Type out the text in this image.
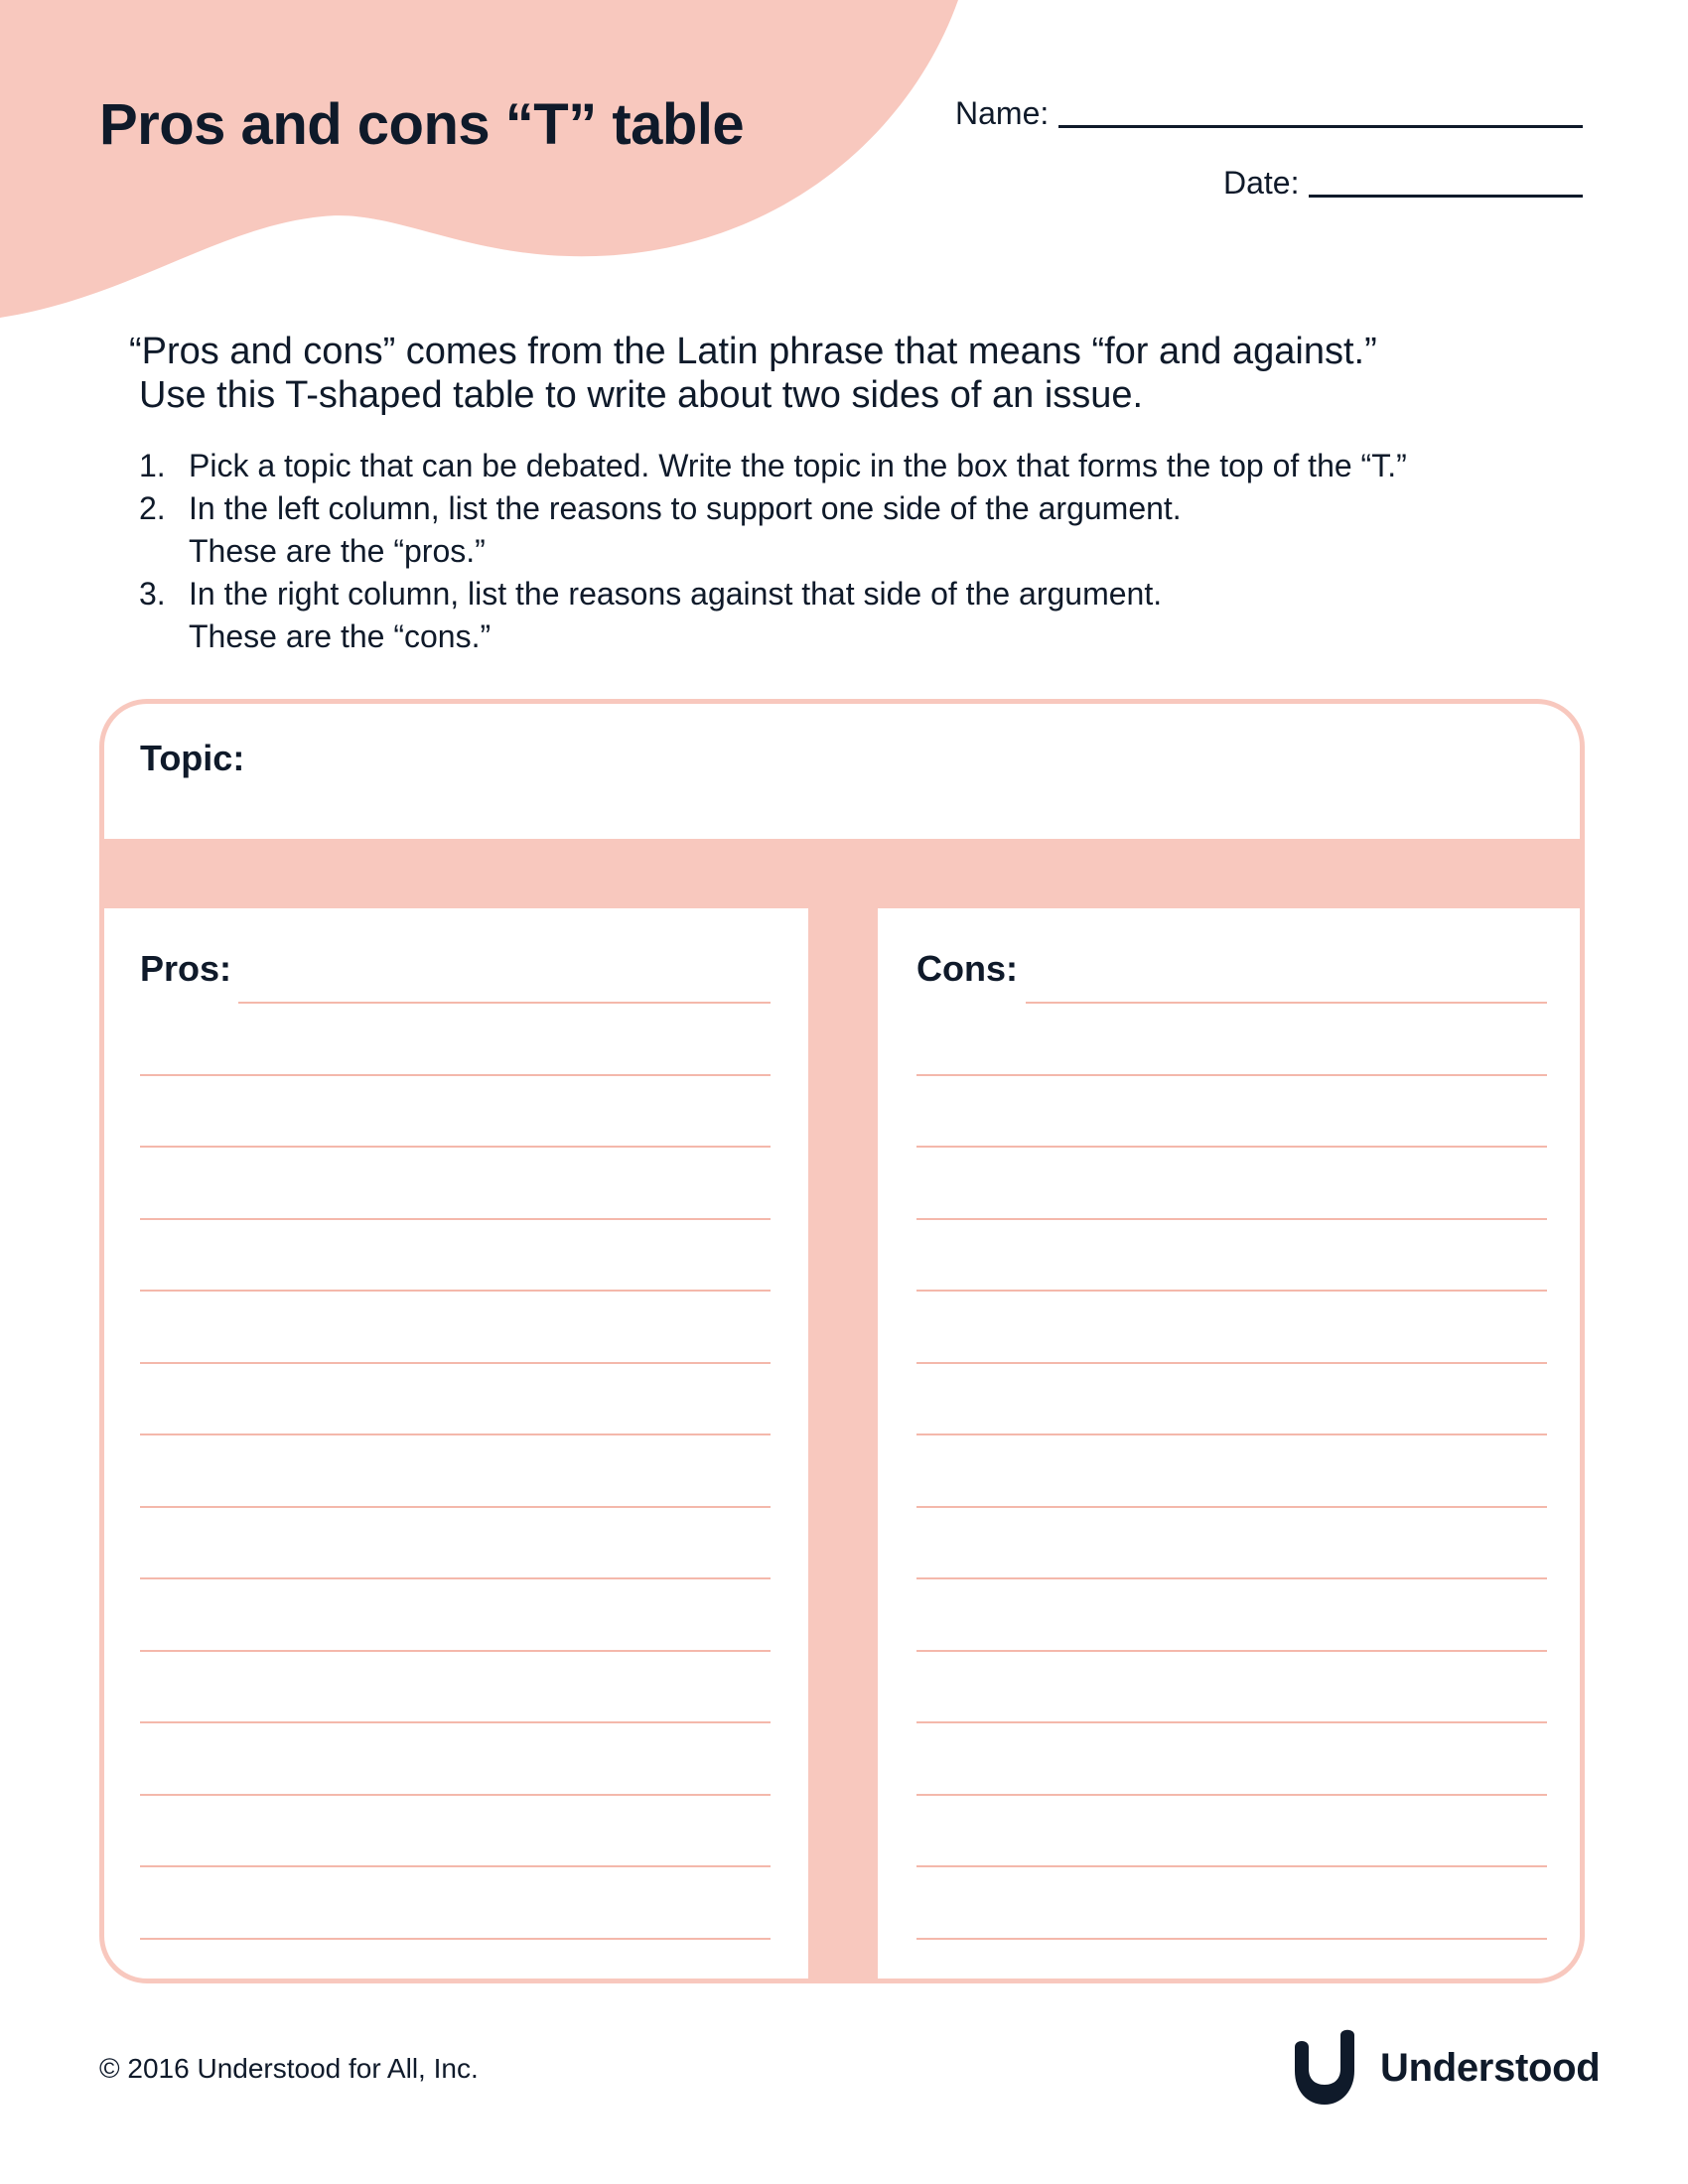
Pros and cons “T” table	Name:
Date:

“Pros and cons” comes from the Latin phrase that means “for and against.”

Use this T-shaped table to write about two sides of an issue.

1. Pick a topic that can be debated. Write the topic in the box that forms the top of the “T.”
2. In the left column, list the reasons to support one side of the argument.
These are the “pros.”
3. In the right column, list the reasons against that side of the argument.
These are the “cons.”
Topic:
Pros:	Cons:
© 2016 Understood for All, Inc.	Understood
